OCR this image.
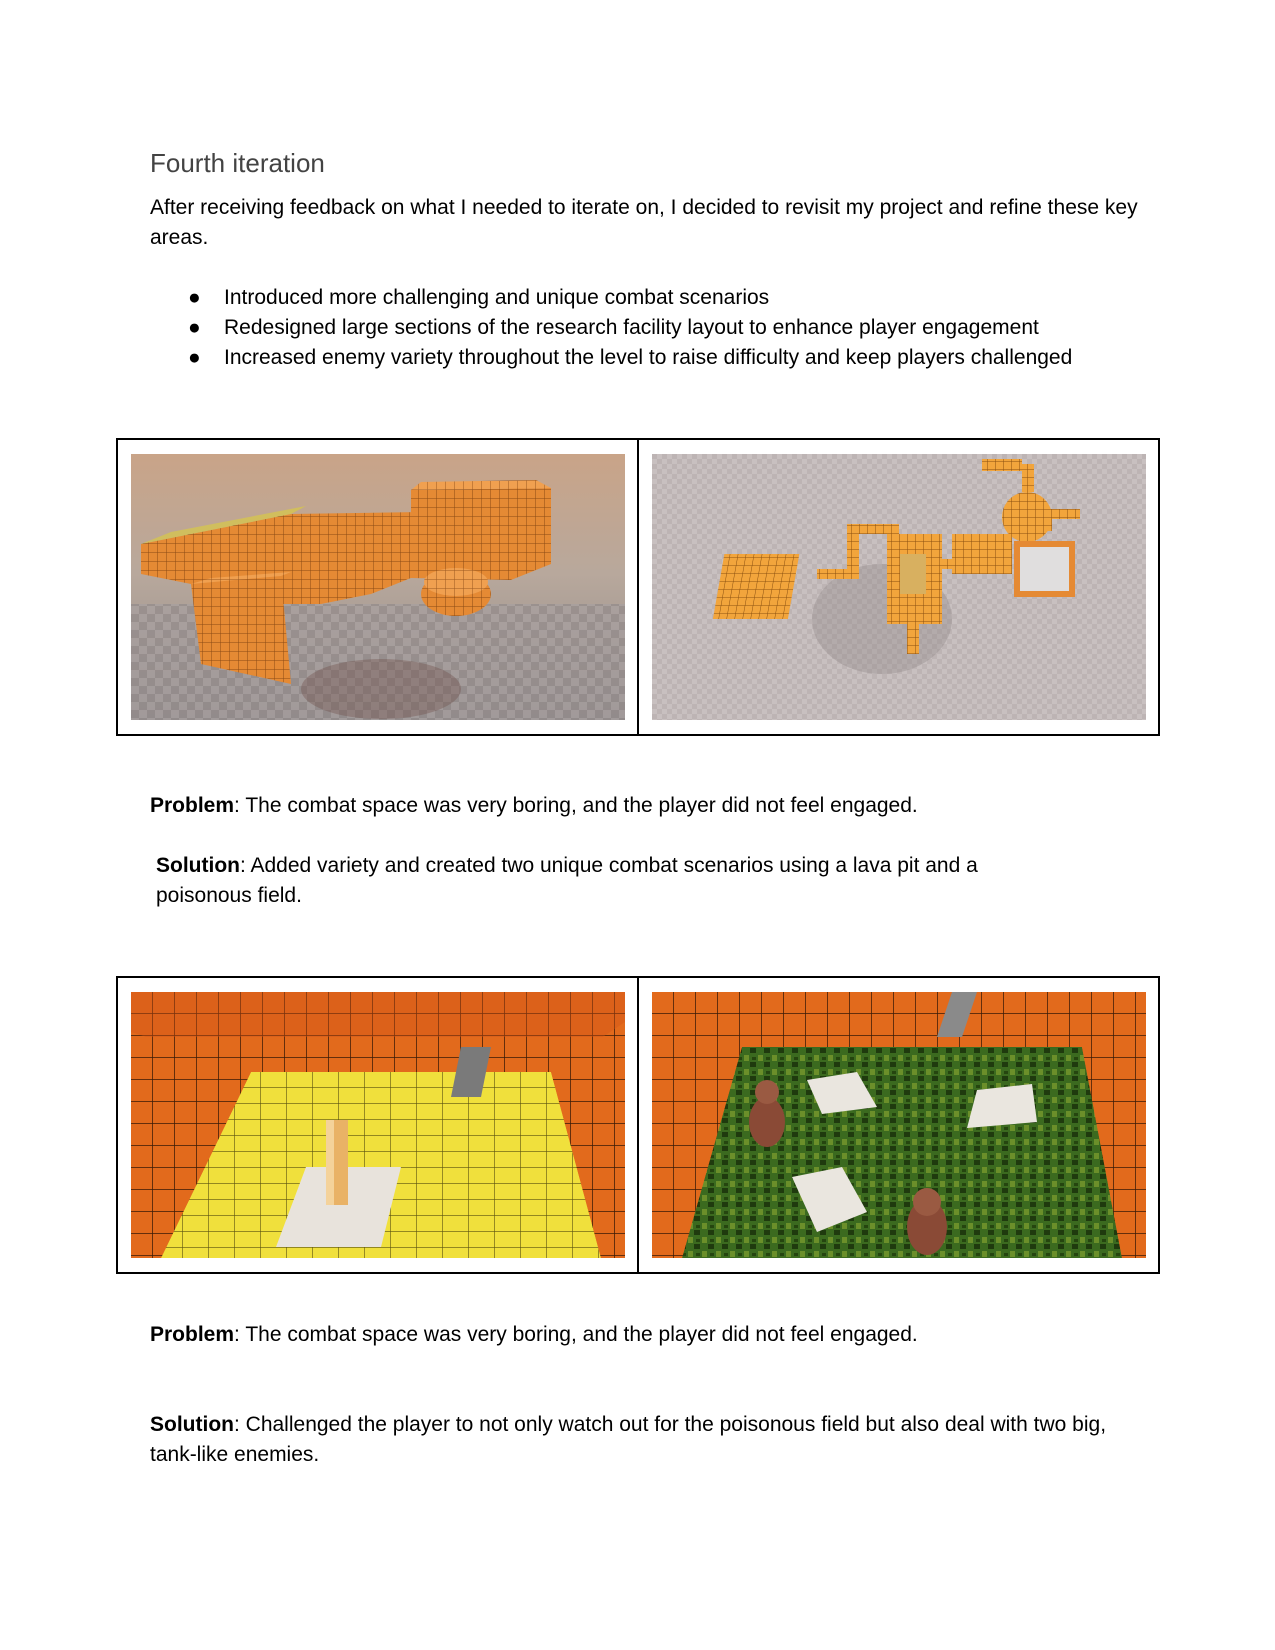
Fourth iteration
After receiving feedback on what I needed to iterate on, I decided to revisit my project and refine these key areas.
● Introduced more challenging and unique combat scenarios
● Redesigned large sections of the research facility layout to enhance player engagement
● Increased enemy variety throughout the level to raise difficulty and keep players challenged

Problem: The combat space was very boring, and the player did not feel engaged.
Solution: Added variety and created two unique combat scenarios using a lava pit and a poisonous field.

Problem: The combat space was very boring, and the player did not feel engaged.
Solution: Challenged the player to not only watch out for the poisonous field but also deal with two big, tank-like enemies.
